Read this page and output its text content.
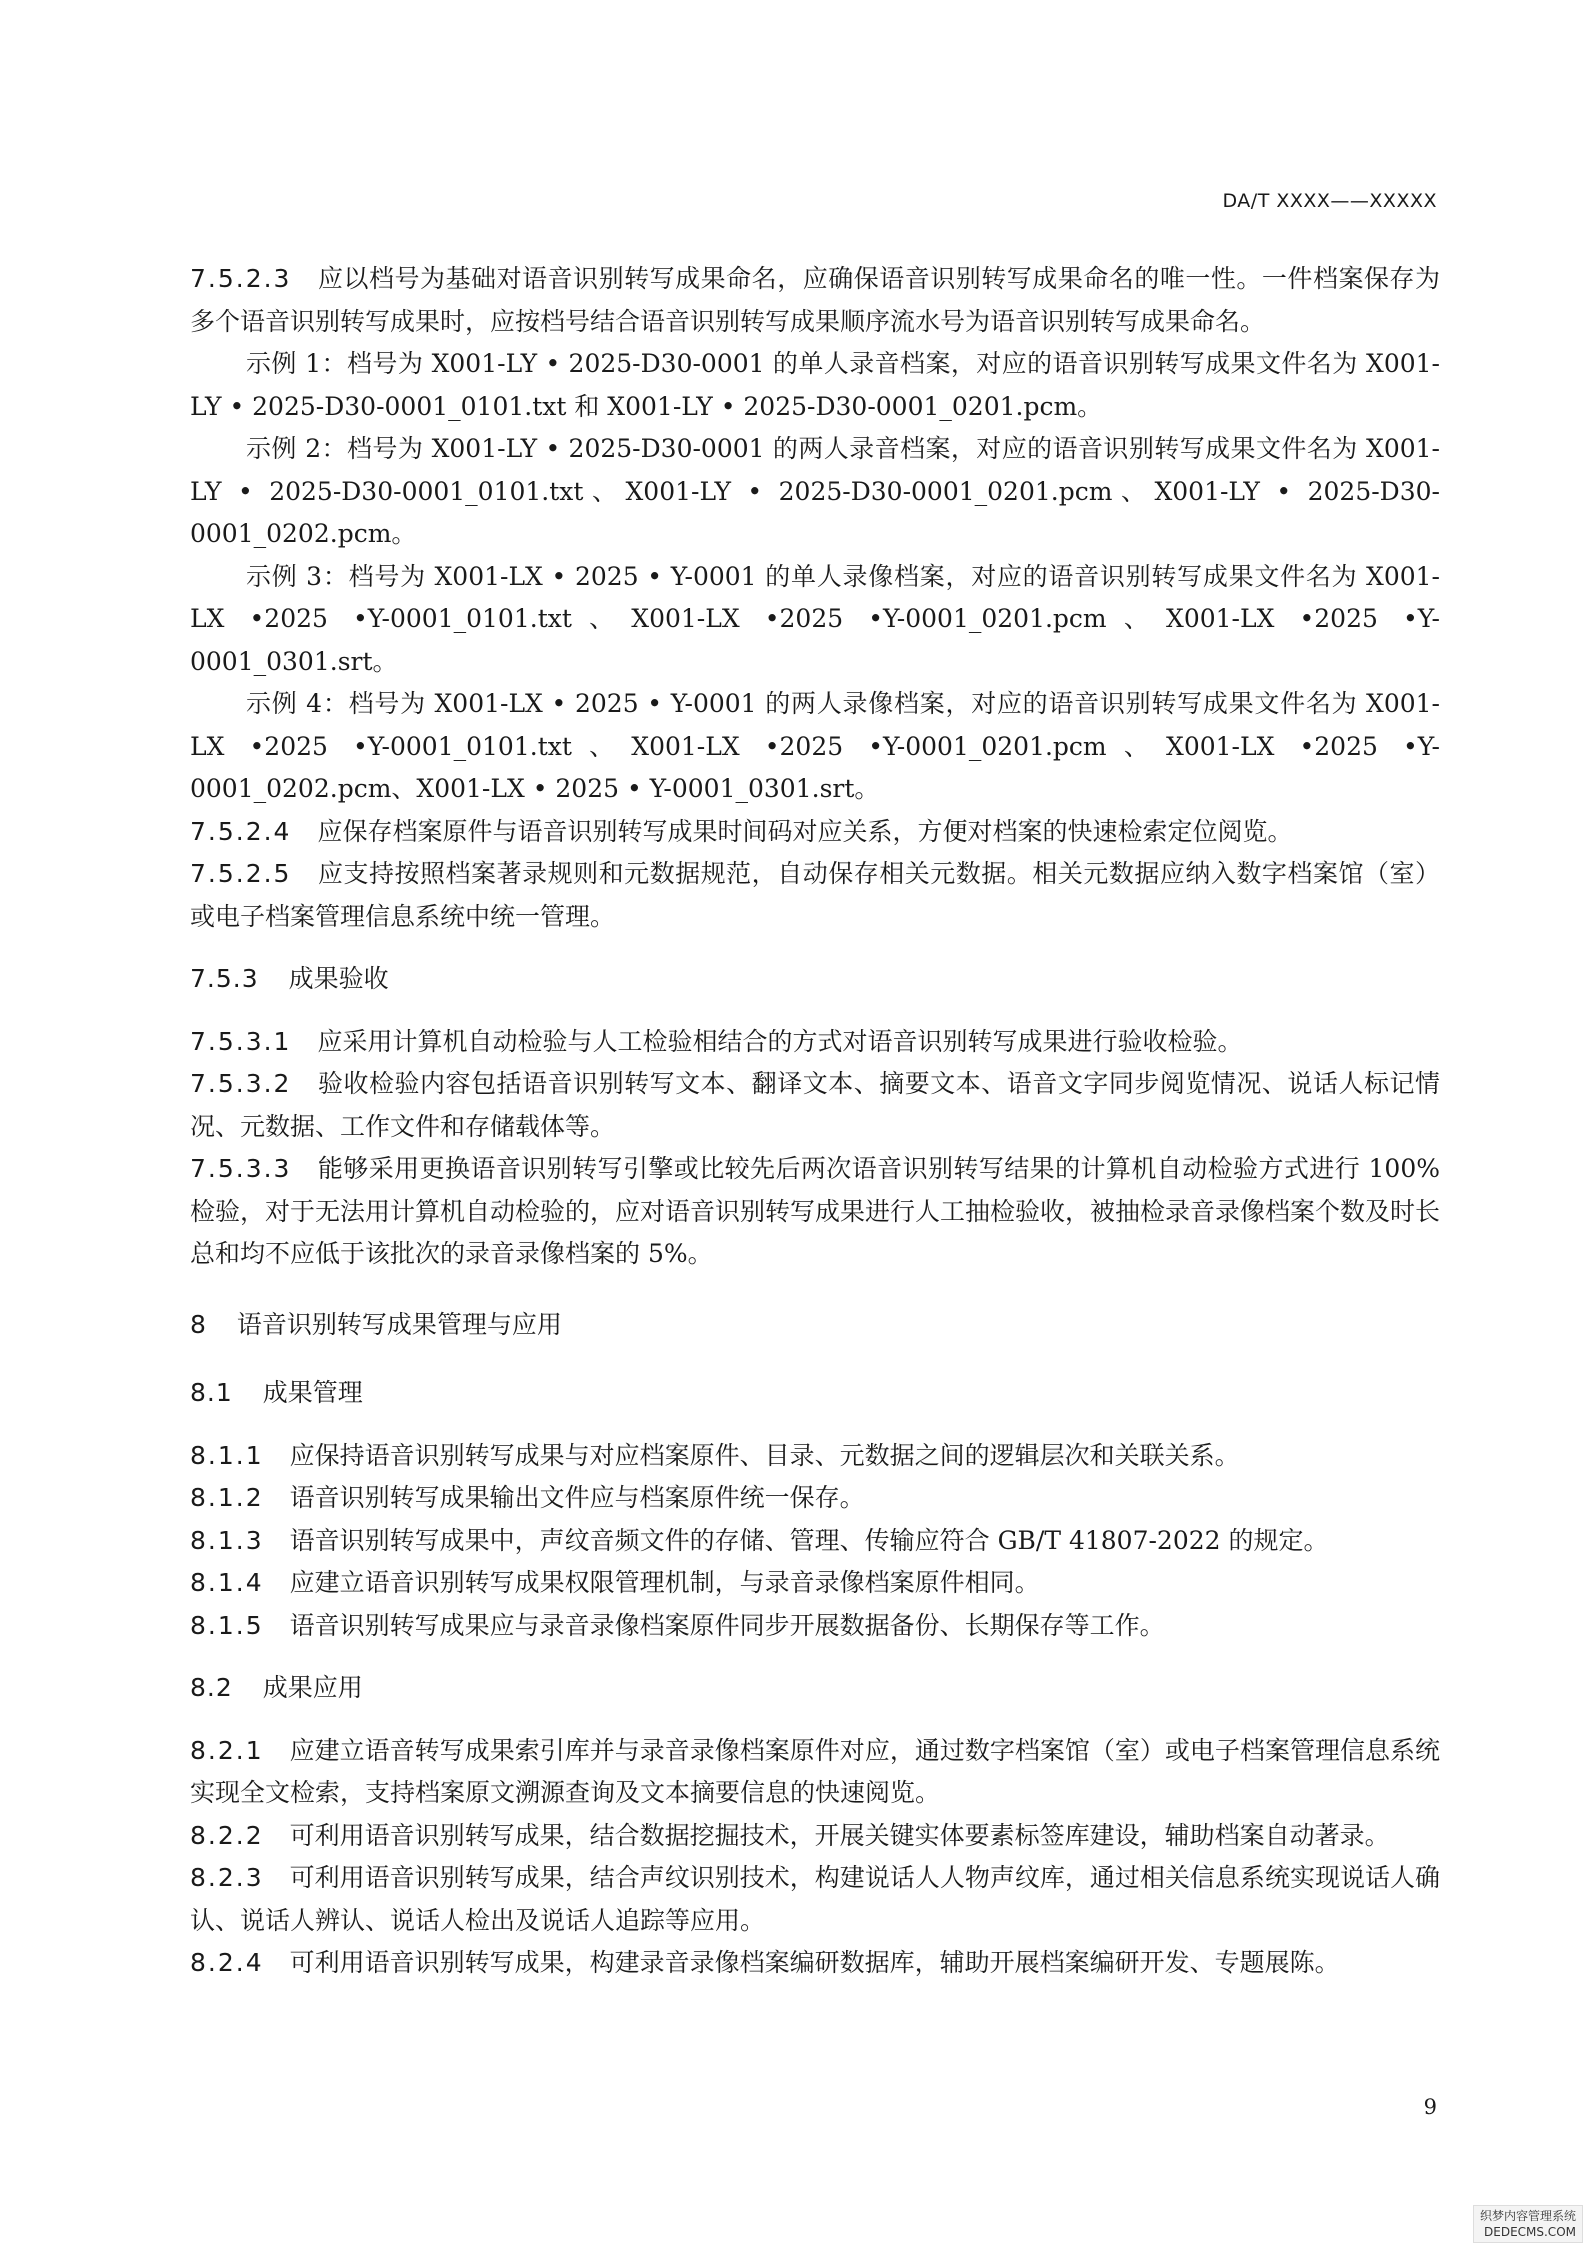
DA/T XXXX——XXXXX

7.5.2.3 应以档号为基础对语音识别转写成果命名，应确保语音识别转写成果命名的唯一性。一件档案保存为多个语音识别转写成果时，应按档号结合语音识别转写成果顺序流水号为语音识别转写成果命名。

示例 1：档号为 X001-LY • 2025-D30-0001 的单人录音档案，对应的语音识别转写成果文件名为 X001-LY • 2025-D30-0001_0101.txt 和 X001-LY • 2025-D30-0001_0201.pcm。

示例 2：档号为 X001-LY • 2025-D30-0001 的两人录音档案，对应的语音识别转写成果文件名为 X001-LY • 2025-D30-0001_0101.txt、X001-LY • 2025-D30-0001_0201.pcm、X001-LY • 2025-D30-0001_0202.pcm。

示例 3：档号为 X001-LX • 2025 • Y-0001 的单人录像档案，对应的语音识别转写成果文件名为 X001-LX •2025 •Y-0001_0101.txt、X001-LX •2025 •Y-0001_0201.pcm、X001-LX •2025 •Y-0001_0301.srt。

示例 4：档号为 X001-LX • 2025 • Y-0001 的两人录像档案，对应的语音识别转写成果文件名为 X001-LX •2025 •Y-0001_0101.txt、X001-LX •2025 •Y-0001_0201.pcm、X001-LX •2025 •Y-0001_0202.pcm、X001-LX • 2025 • Y-0001_0301.srt。

7.5.2.4 应保存档案原件与语音识别转写成果时间码对应关系，方便对档案的快速检索定位阅览。

7.5.2.5 应支持按照档案著录规则和元数据规范，自动保存相关元数据。相关元数据应纳入数字档案馆（室）或电子档案管理信息系统中统一管理。

7.5.3 成果验收

7.5.3.1 应采用计算机自动检验与人工检验相结合的方式对语音识别转写成果进行验收检验。

7.5.3.2 验收检验内容包括语音识别转写文本、翻译文本、摘要文本、语音文字同步阅览情况、说话人标记情况、元数据、工作文件和存储载体等。

7.5.3.3 能够采用更换语音识别转写引擎或比较先后两次语音识别转写结果的计算机自动检验方式进行 100%检验，对于无法用计算机自动检验的，应对语音识别转写成果进行人工抽检验收，被抽检录音录像档案个数及时长总和均不应低于该批次的录音录像档案的 5%。

8 语音识别转写成果管理与应用
8.1 成果管理

8.1.1 应保持语音识别转写成果与对应档案原件、目录、元数据之间的逻辑层次和关联关系。

8.1.2 语音识别转写成果输出文件应与档案原件统一保存。

8.1.3 语音识别转写成果中，声纹音频文件的存储、管理、传输应符合 GB/T 41807-2022 的规定。

8.1.4 应建立语音识别转写成果权限管理机制，与录音录像档案原件相同。

8.1.5 语音识别转写成果应与录音录像档案原件同步开展数据备份、长期保存等工作。

8.2 成果应用

8.2.1 应建立语音转写成果索引库并与录音录像档案原件对应，通过数字档案馆（室）或电子档案管理信息系统实现全文检索，支持档案原文溯源查询及文本摘要信息的快速阅览。

8.2.2 可利用语音识别转写成果，结合数据挖掘技术，开展关键实体要素标签库建设，辅助档案自动著录。

8.2.3 可利用语音识别转写成果，结合声纹识别技术，构建说话人人物声纹库，通过相关信息系统实现说话人确认、说话人辨认、说话人检出及说话人追踪等应用。

8.2.4 可利用语音识别转写成果，构建录音录像档案编研数据库，辅助开展档案编研开发、专题展陈。

9
织梦内容管理系统
DEDECMS.COM
